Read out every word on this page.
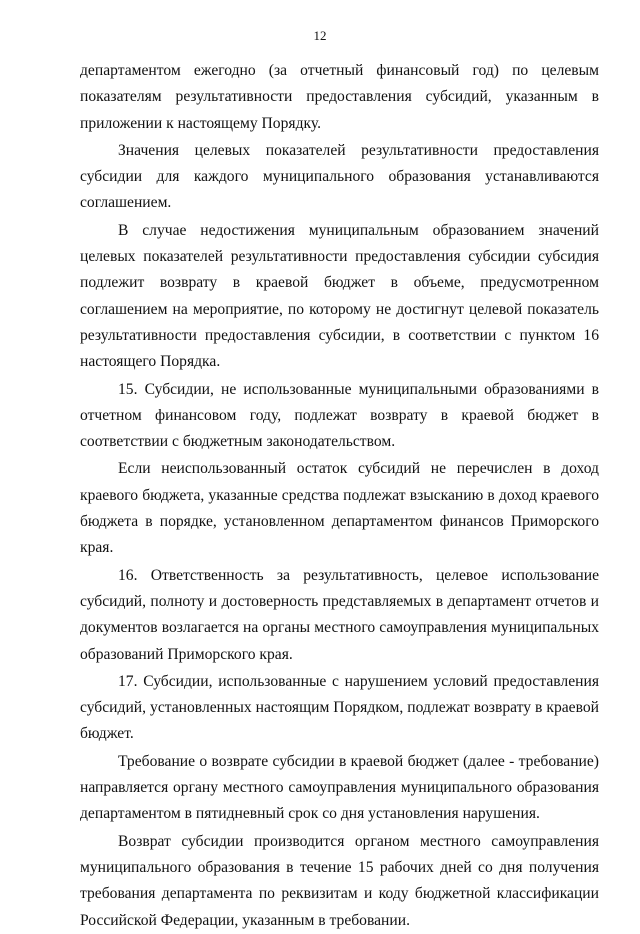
12

департаментом ежегодно (за отчетный финансовый год) по целевым показателям результативности предоставления субсидий, указанным в приложении к настоящему Порядку.

Значения целевых показателей результативности предоставления субсидии для каждого муниципального образования устанавливаются соглашением.

В случае недостижения муниципальным образованием значений целевых показателей результативности предоставления субсидии субсидия подлежит возврату в краевой бюджет в объеме, предусмотренном соглашением на мероприятие, по которому не достигнут целевой показатель результативности предоставления субсидии, в соответствии с пунктом 16 настоящего Порядка.

15. Субсидии, не использованные муниципальными образованиями в отчетном финансовом году, подлежат возврату в краевой бюджет в соответствии с бюджетным законодательством.

Если неиспользованный остаток субсидий не перечислен в доход краевого бюджета, указанные средства подлежат взысканию в доход краевого бюджета в порядке, установленном департаментом финансов Приморского края.

16. Ответственность за результативность, целевое использование субсидий, полноту и достоверность представляемых в департамент отчетов и документов возлагается на органы местного самоуправления муниципальных образований Приморского края.

17. Субсидии, использованные с нарушением условий предоставления субсидий, установленных настоящим Порядком, подлежат возврату в краевой бюджет.

Требование о возврате субсидии в краевой бюджет (далее - требование) направляется органу местного самоуправления муниципального образования департаментом в пятидневный срок со дня установления нарушения.

Возврат субсидии производится органом местного самоуправления муниципального образования в течение 15 рабочих дней со дня получения требования департамента по реквизитам и коду бюджетной классификации Российской Федерации, указанным в требовании.
